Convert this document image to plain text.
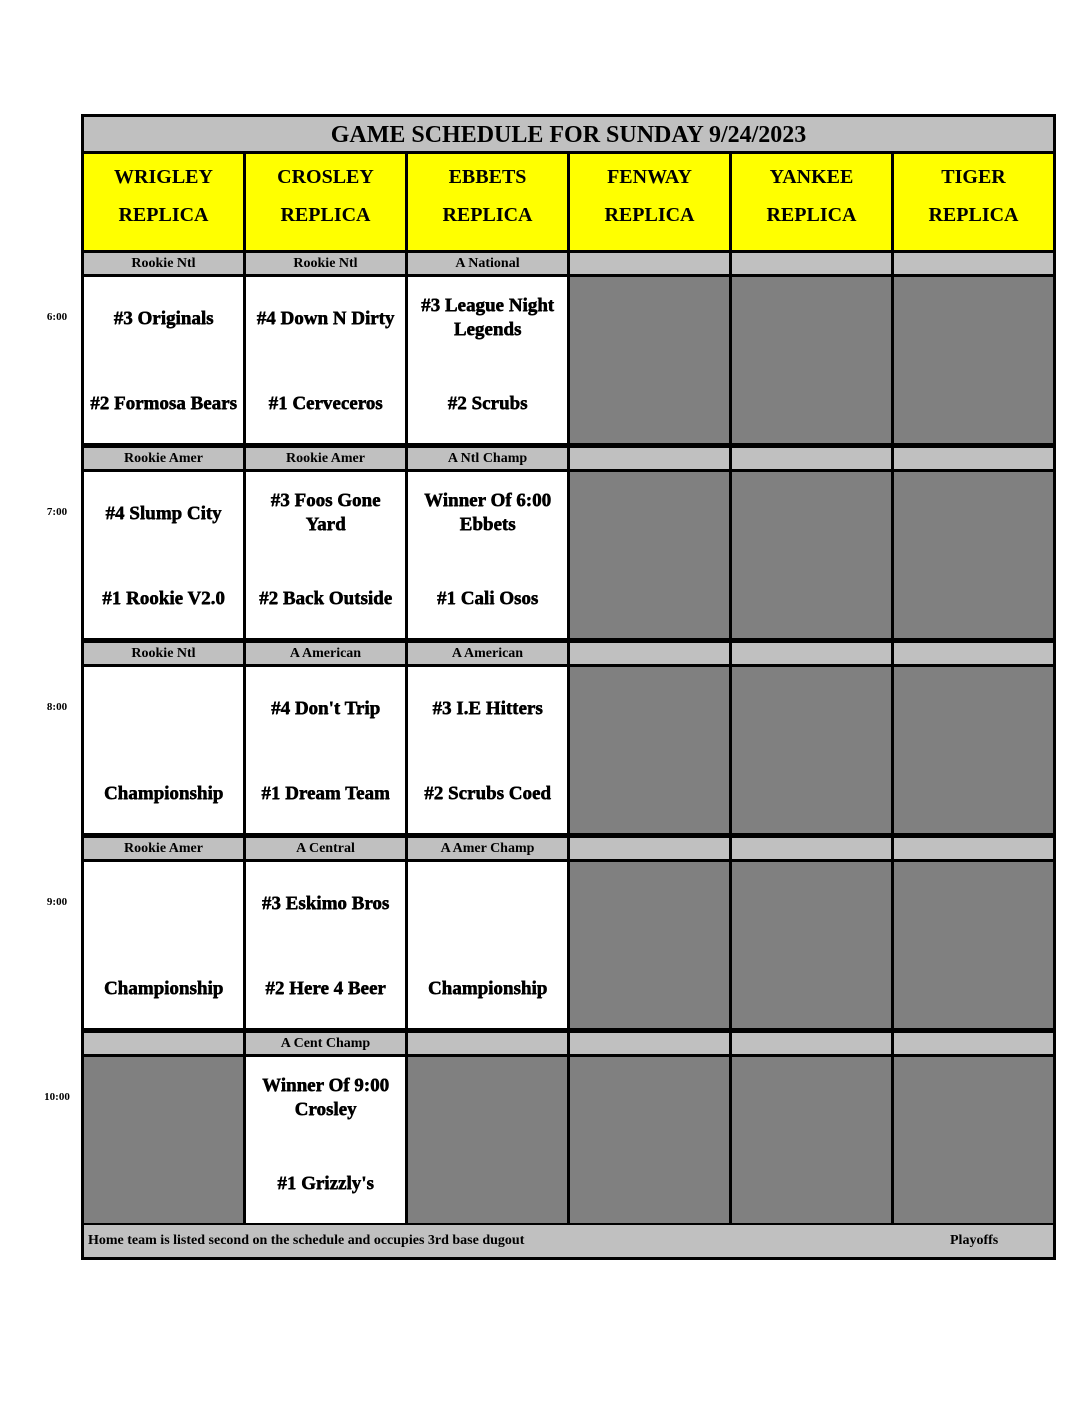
GAME SCHEDULE FOR SUNDAY 9/24/2023
Home team is listed second on the schedule and occupies 3rd base dugout	Playoffs
WRIGLEY
REPLICA
CROSLEY
REPLICA
EBBETS
REPLICA
FENWAY
REPLICA
YANKEE
REPLICA
TIGER
REPLICA
Rookie Ntl
#3 Originals
#2 Formosa Bears
Rookie Ntl
#4 Down N Dirty
#1 Cerveceros
A National
#3 League Night
Legends
#2 Scrubs
Rookie Amer
#4 Slump City
#1 Rookie V2.0
Rookie Amer
#3 Foos Gone
Yard
#2 Back Outside
A Ntl Champ
Winner Of 6:00
Ebbets
#1 Cali Osos
Rookie Ntl
Championship
A American
#4 Don't Trip
#1 Dream Team
A American
#3 I.E Hitters
#2 Scrubs Coed
Rookie Amer
Championship
A Central
#3 Eskimo Bros
#2 Here 4 Beer
A Amer Champ
Championship
A Cent Champ
Winner Of 9:00
Crosley
#1 Grizzly's
6:00
7:00
8:00
9:00
10:00
